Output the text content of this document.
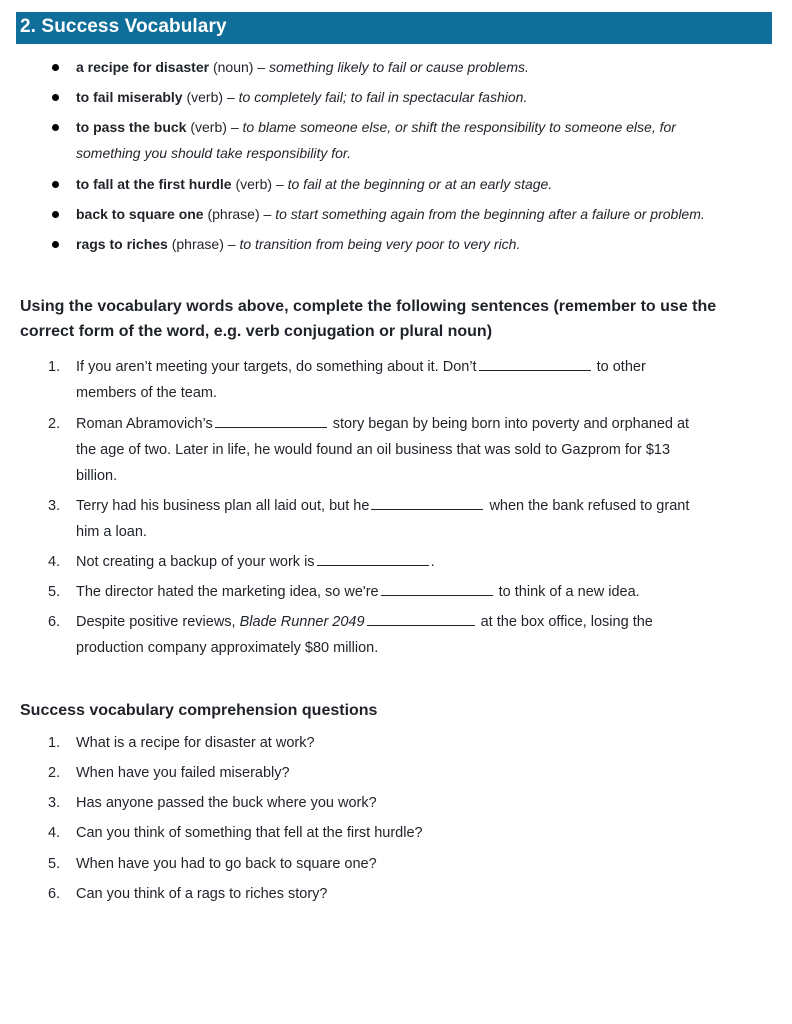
2. Success Vocabulary
a recipe for disaster (noun) – something likely to fail or cause problems.
to fail miserably (verb) – to completely fail; to fail in spectacular fashion.
to pass the buck (verb) – to blame someone else, or shift the responsibility to someone else, for
something you should take responsibility for.
to fall at the first hurdle (verb) – to fail at the beginning or at an early stage.
back to square one (phrase) – to start something again from the beginning after a failure or problem.
rags to riches (phrase) – to transition from being very poor to very rich.
Using the vocabulary words above, complete the following sentences (remember to use the
correct form of the word, e.g. verb conjugation or plural noun)
1.	If you aren’t meeting your targets, do something about it. Don’t	to other
members of the team.
2.	Roman Abramovich’s	story began by being born into poverty and orphaned at
the age of two. Later in life, he would found an oil business that was sold to Gazprom for $13
billion.
3.	Terry had his business plan all laid out, but he	when the bank refused to grant
him a loan.
4.	Not creating a backup of your work is	.
5.	The director hated the marketing idea, so we're	to think of a new idea.
6.	Despite positive reviews, Blade Runner 2049	at the box office, losing the
production company approximately $80 million.
Success vocabulary comprehension questions
1.	What is a recipe for disaster at work?
2.	When have you failed miserably?
3.	Has anyone passed the buck where you work?
4.	Can you think of something that fell at the first hurdle?
5.	When have you had to go back to square one?
6.	Can you think of a rags to riches story?
